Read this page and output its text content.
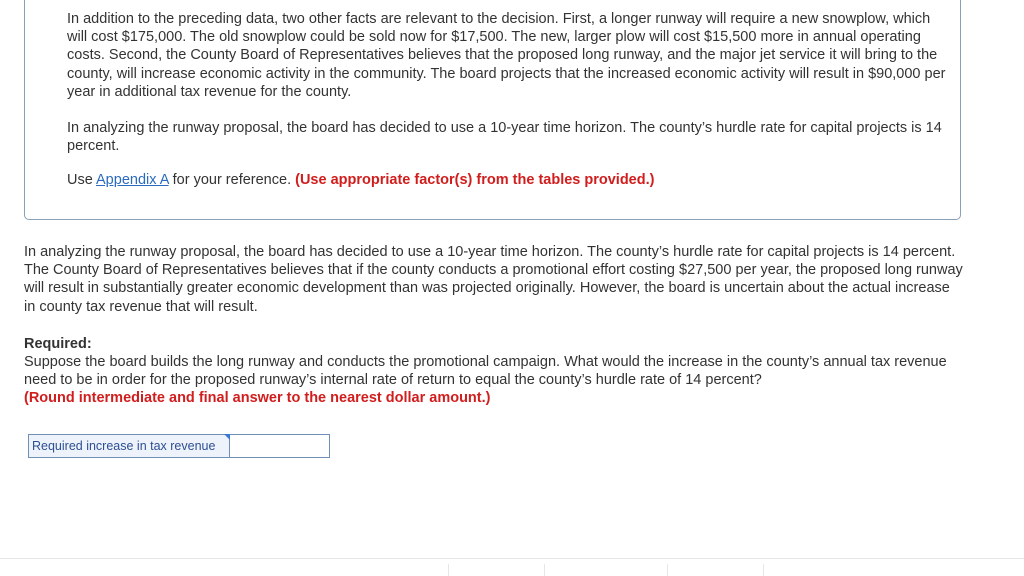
In addition to the preceding data, two other facts are relevant to the decision. First, a longer runway will require a new snowplow, which will cost $175,000. The old snowplow could be sold now for $17,500. The new, larger plow will cost $15,500 more in annual operating costs. Second, the County Board of Representatives believes that the proposed long runway, and the major jet service it will bring to the county, will increase economic activity in the community. The board projects that the increased economic activity will result in $90,000 per year in additional tax revenue for the county.

In analyzing the runway proposal, the board has decided to use a 10-year time horizon. The county’s hurdle rate for capital projects is 14 percent.

Use Appendix A for your reference. (Use appropriate factor(s) from the tables provided.)

In analyzing the runway proposal, the board has decided to use a 10-year time horizon. The county’s hurdle rate for capital projects is 14 percent. The County Board of Representatives believes that if the county conducts a promotional effort costing $27,500 per year, the proposed long runway will result in substantially greater economic development than was projected originally. However, the board is uncertain about the actual increase in county tax revenue that will result.

Required:

Suppose the board builds the long runway and conducts the promotional campaign. What would the increase in the county’s annual tax revenue need to be in order for the proposed runway’s internal rate of return to equal the county’s hurdle rate of 14 percent?

(Round intermediate and final answer to the nearest dollar amount.)

Required increase in tax revenue
